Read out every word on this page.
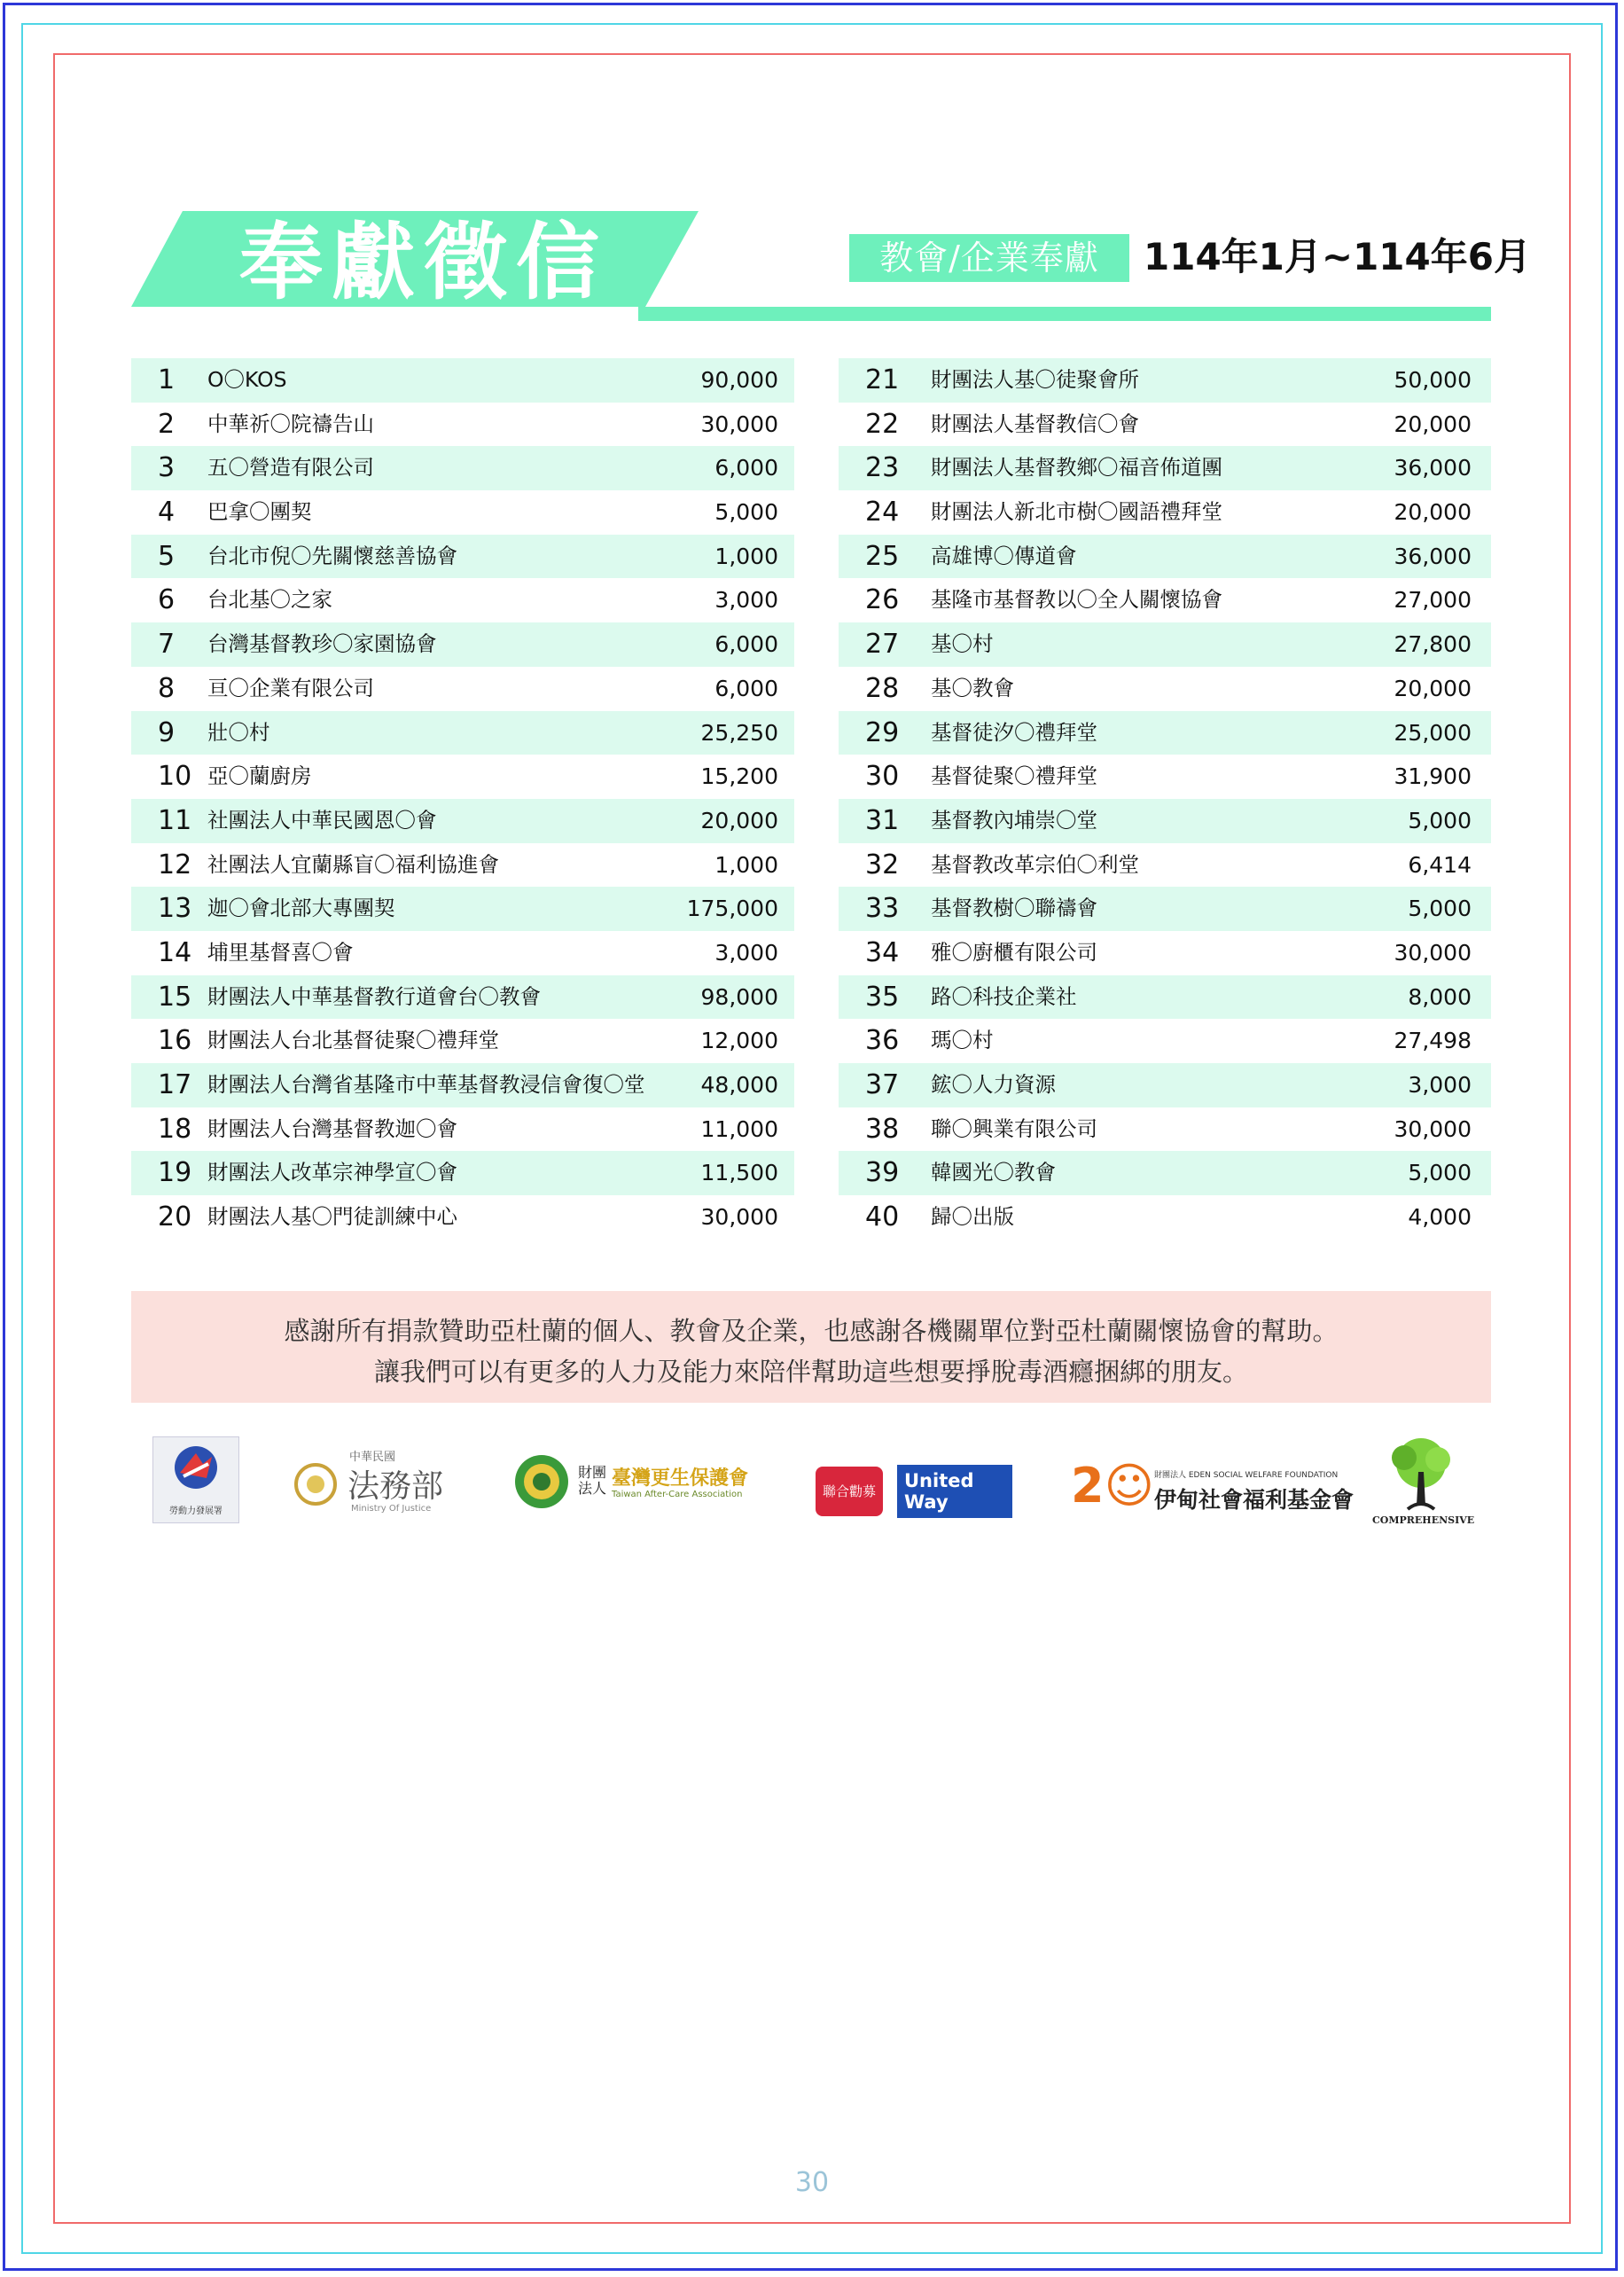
奉獻徵信	教會/企業奉獻	114年1月~114年6月
1 O〇KOS	90,000
2 中華祈〇院禱告山	30,000
3 五〇營造有限公司	6,000
4 巴拿〇團契	5,000
5 台北市倪〇先關懷慈善協會	1,000
6 台北基〇之家	3,000
7 台灣基督教珍〇家園協會	6,000
8 亘〇企業有限公司	6,000
9 壯〇村	25,250
10 亞〇蘭廚房	15,200
11 社團法人中華民國恩〇會	20,000
12 社團法人宜蘭縣盲〇福利協進會	1,000
13 迦〇會北部大專團契	175,000
14 埔里基督喜〇會	3,000
15 財團法人中華基督教行道會台〇教會	98,000
16 財團法人台北基督徒聚〇禮拜堂	12,000
17 財團法人台灣省基隆市中華基督教浸信會復〇堂	48,000
18 財團法人台灣基督教迦〇會	11,000
19 財團法人改革宗神學宣〇會	11,500
20 財團法人基〇門徒訓練中心	30,000
21 財團法人基〇徒聚會所	50,000
22 財團法人基督教信〇會	20,000
23 財團法人基督教鄉〇福音佈道團	36,000
24 財團法人新北市樹〇國語禮拜堂	20,000
25 高雄博〇傳道會	36,000
26 基隆市基督教以〇全人關懷協會	27,000
27 基〇村	27,800
28 基〇教會	20,000
29 基督徒汐〇禮拜堂	25,000
30 基督徒聚〇禮拜堂	31,900
31 基督教內埔崇〇堂	5,000
32 基督教改革宗伯〇利堂	6,414
33 基督教樹〇聯禱會	5,000
34 雅〇廚櫃有限公司	30,000
35 路〇科技企業社	8,000
36 瑪〇村	27,498
37 鋐〇人力資源	3,000
38 聯〇興業有限公司	30,000
39 韓國光〇教會	5,000
40 歸〇出版	4,000
感謝所有捐款贊助亞杜蘭的個人、教會及企業，也感謝各機關單位對亞杜蘭關懷協會的幫助。
讓我們可以有更多的人力及能力來陪伴幫助這些想要掙脫毒酒癮捆綁的朋友。
勞動力發展署
中華民國
法務部
Ministry Of Justice
財團
法人 臺灣更生保護會
Taiwan After-Care Association	聯合勸募	United
Way	2☺ 財團法人 EDEN SOCIAL WELFARE FOUNDATION
伊甸社會福利基金會
COMPREHENSIVE
30
